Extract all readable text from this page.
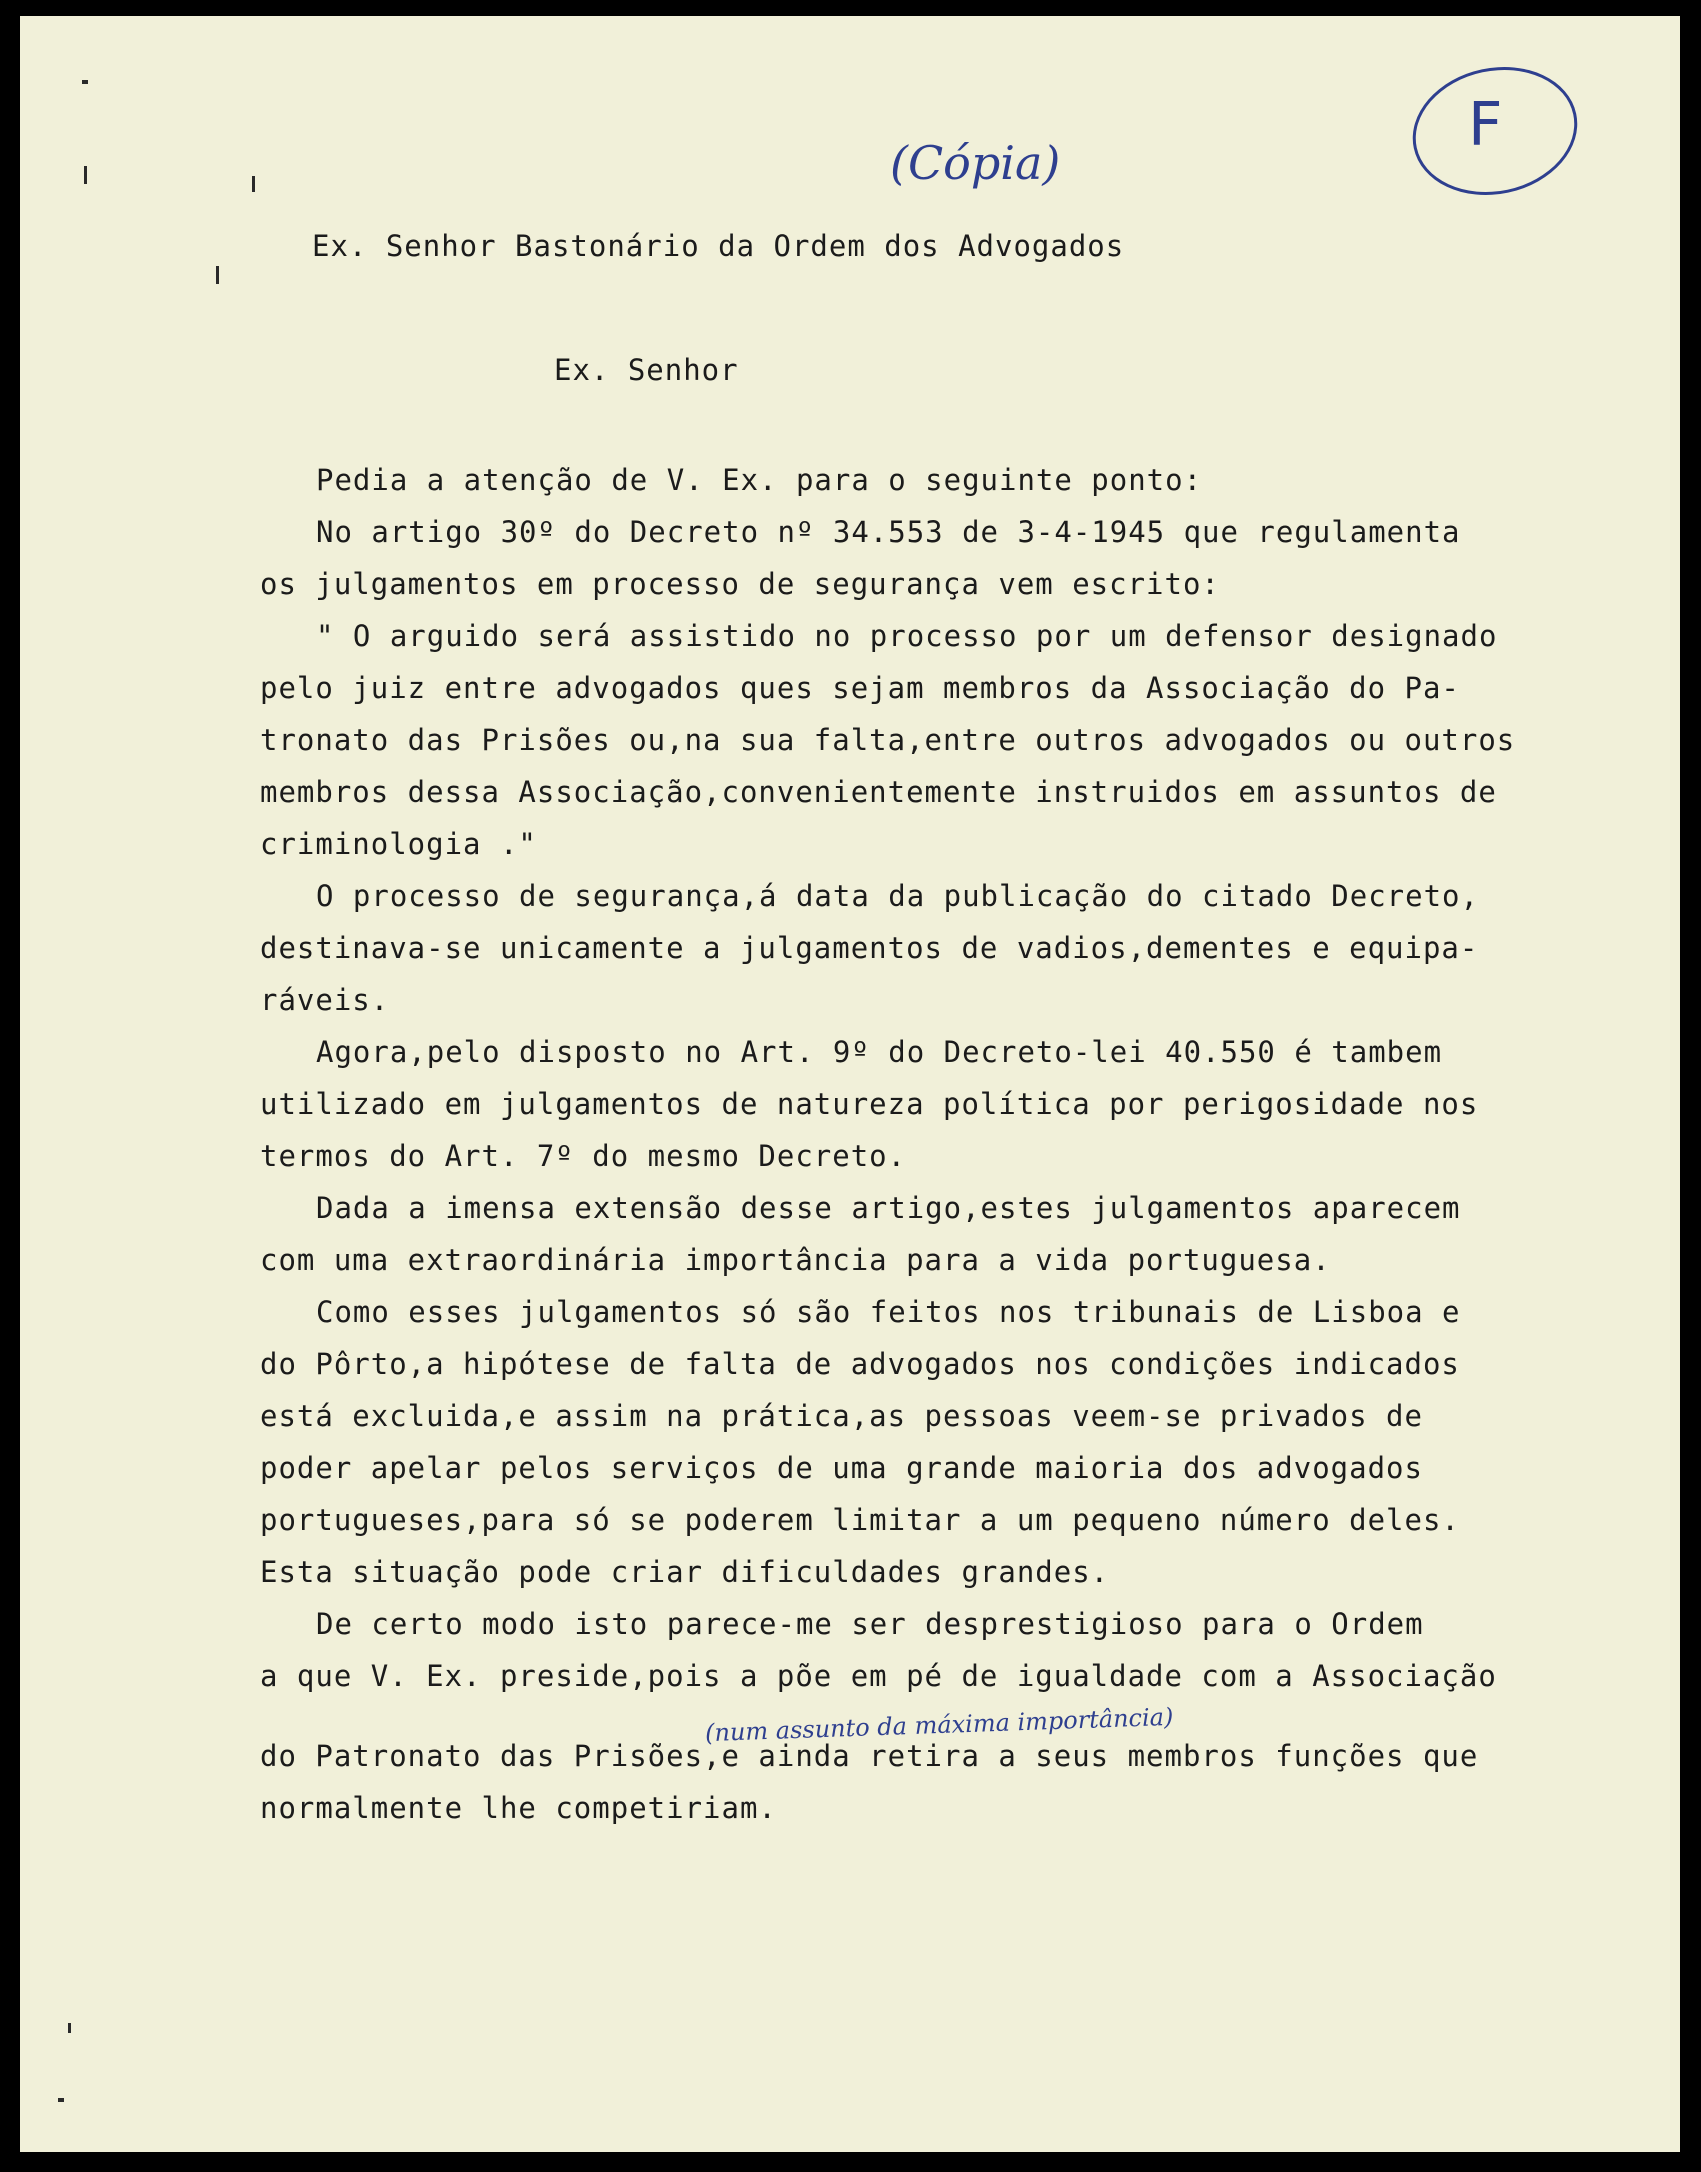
(Cópia)
F
Ex. Senhor Bastonário da Ordem dos Advogados
Ex. Senhor
Pedia a atenção de V. Ex. para o seguinte ponto:
No artigo 30º do Decreto nº 34.553 de 3-4-1945 que regulamenta
os julgamentos em processo de segurança vem escrito:
" O arguido será assistido no processo por um defensor designado
pelo juiz entre advogados ques sejam membros da Associação do Pa-
tronato das Prisões ou,na sua falta,entre outros advogados ou outros
membros dessa Associação,convenientemente instruidos em assuntos de
criminologia ."
O processo de segurança,á data da publicação do citado Decreto,
destinava-se unicamente a julgamentos de vadios,dementes e equipa-
ráveis.
Agora,pelo disposto no Art. 9º do Decreto-lei 40.550 é tambem
utilizado em julgamentos de natureza política por perigosidade nos
termos do Art. 7º do mesmo Decreto.
Dada a imensa extensão desse artigo,estes julgamentos aparecem
com uma extraordinária importância para a vida portuguesa.
Como esses julgamentos só são feitos nos tribunais de Lisboa e
do Pôrto,a hipótese de falta de advogados nos condições indicados
está excluida,e assim na prática,as pessoas veem-se privados de
poder apelar pelos serviços de uma grande maioria dos advogados
portugueses,para só se poderem limitar a um pequeno número deles.
Esta situação pode criar dificuldades grandes.
De certo modo isto parece-me ser desprestigioso para o Ordem
a que V. Ex. preside,pois a põe em pé de igualdade com a Associação
(num assunto da máxima importância)
do Patronato das Prisões,e ainda retira a seus membros funções que
normalmente lhe competiriam.
